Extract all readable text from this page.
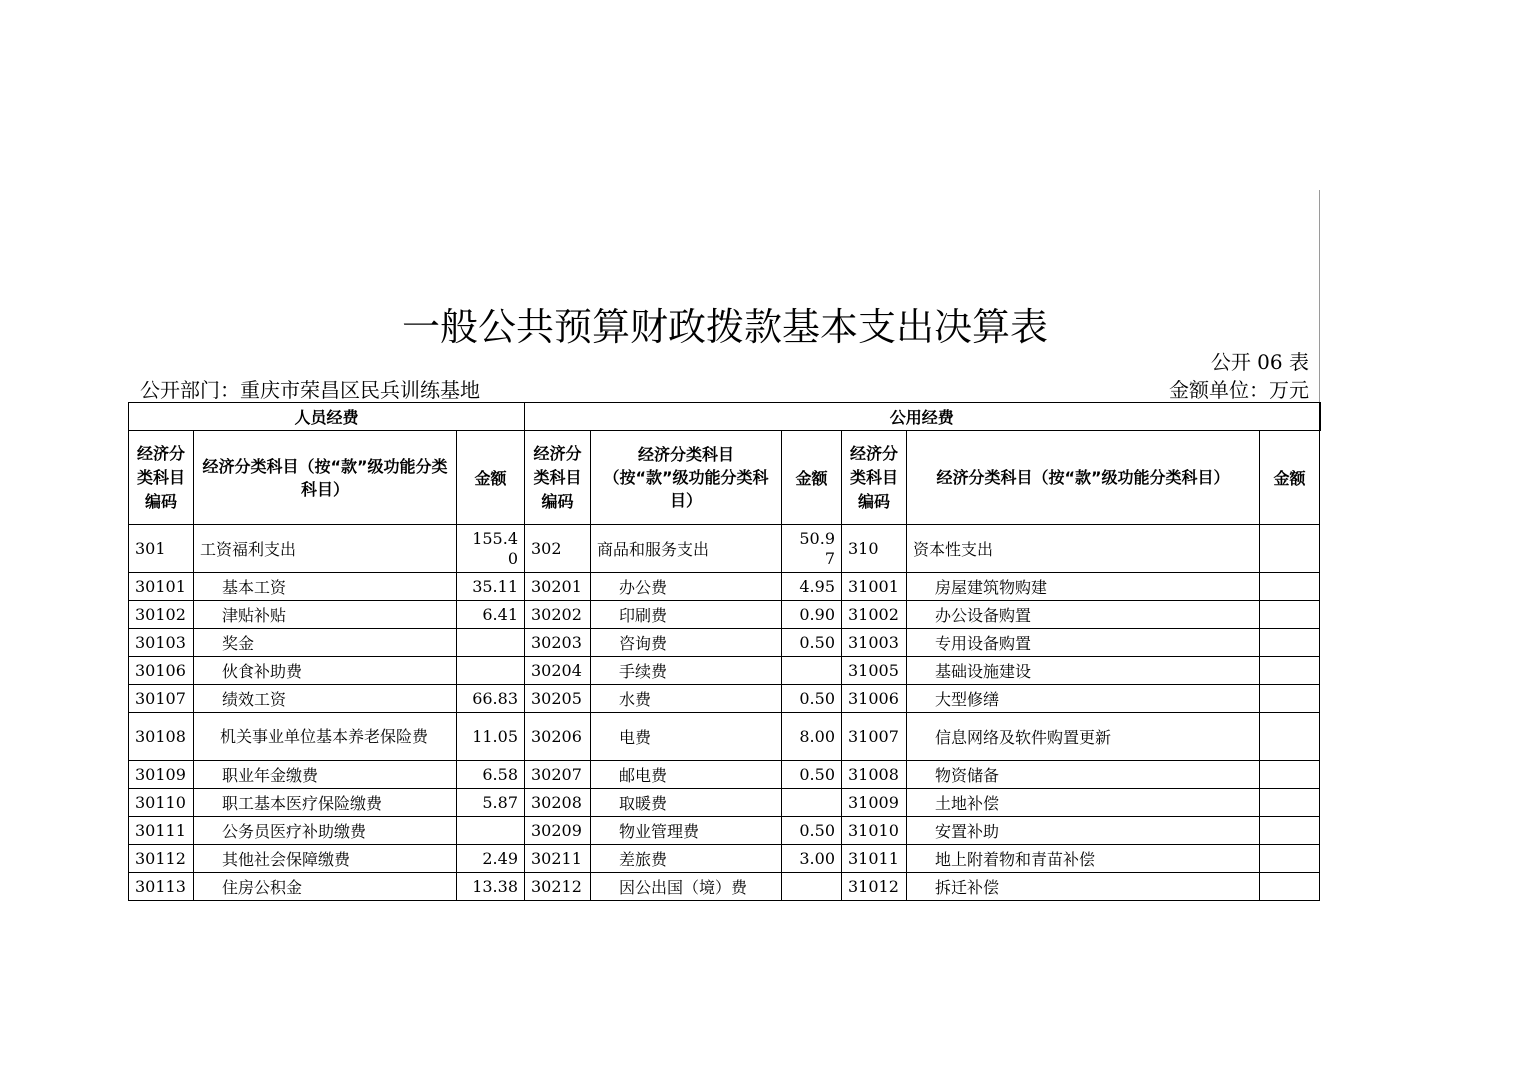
一般公共预算财政拨款基本支出决算表
公开 06 表
公开部门：重庆市荣昌区民兵训练基地	金额单位：万元
人员经费			公用经费					
经济分类科目编码	经济分类科目（按“款”级功能分类科目）	金额	经济分类科目编码	经济分类科目（按“款”级功能分类科目）	金额	经济分类科目编码	经济分类科目（按“款”级功能分类科目）	金额
301	工资福利支出	155.40	302	商品和服务支出	50.97	310	资本性支出	
30101	基本工资	35.11	30201	办公费	4.95	31001	房屋建筑物购建	
30102	津贴补贴	6.41	30202	印刷费	0.90	31002	办公设备购置	
30103	奖金		30203	咨询费	0.50	31003	专用设备购置	
30106	伙食补助费		30204	手续费		31005	基础设施建设	
30107	绩效工资	66.83	30205	水费	0.50	31006	大型修缮	
30108	机关事业单位基本养老保险费	11.05	30206	电费	8.00	31007	信息网络及软件购置更新	
30109	职业年金缴费	6.58	30207	邮电费	0.50	31008	物资储备	
30110	职工基本医疗保险缴费	5.87	30208	取暖费		31009	土地补偿	
30111	公务员医疗补助缴费		30209	物业管理费	0.50	31010	安置补助	
30112	其他社会保障缴费	2.49	30211	差旅费	3.00	31011	地上附着物和青苗补偿	
30113	住房公积金	13.38	30212	因公出国（境）费		31012	拆迁补偿	
